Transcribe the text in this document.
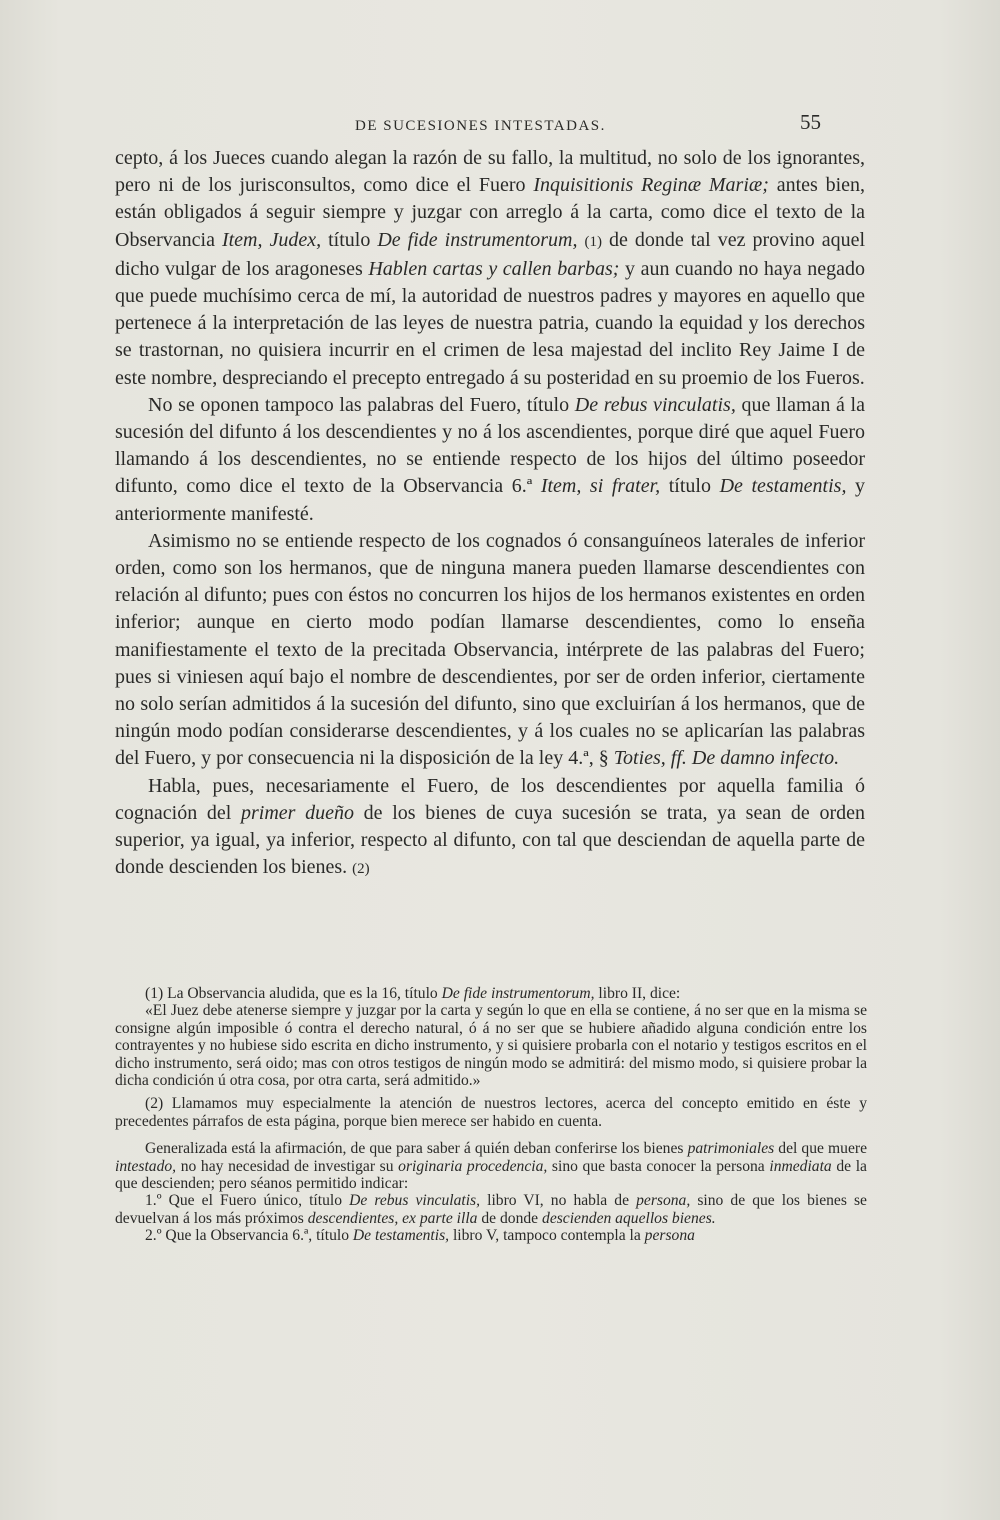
DE SUCESIONES INTESTADAS.	55

cepto, á los Jueces cuando alegan la razón de su fallo, la multitud, no solo de los ignorantes, pero ni de los jurisconsultos, como dice el Fuero Inquisitionis Reginæ Mariæ; antes bien, están obligados á seguir siempre y juzgar con arreglo á la carta, como dice el texto de la Observancia Item, Judex, título De fide instrumentorum, (1) de donde tal vez provino aquel dicho vulgar de los aragoneses Hablen cartas y callen barbas; y aun cuando no haya negado que puede muchísimo cerca de mí, la autoridad de nuestros padres y mayores en aquello que pertenece á la interpretación de las leyes de nuestra patria, cuando la equidad y los derechos se trastornan, no quisiera incurrir en el crimen de lesa majestad del inclito Rey Jaime I de este nombre, despreciando el precepto entregado á su posteridad en su proemio de los Fueros.

No se oponen tampoco las palabras del Fuero, título De rebus vinculatis, que llaman á la sucesión del difunto á los descendientes y no á los ascendientes, porque diré que aquel Fuero llamando á los descendientes, no se entiende respecto de los hijos del último poseedor difunto, como dice el texto de la Observancia 6.ª Item, si frater, título De testamentis, y anteriormente manifesté.

Asimismo no se entiende respecto de los cognados ó consanguíneos laterales de inferior orden, como son los hermanos, que de ninguna manera pueden llamarse descendientes con relación al difunto; pues con éstos no concurren los hijos de los hermanos existentes en orden inferior; aunque en cierto modo podían llamarse descendientes, como lo enseña manifiestamente el texto de la precitada Observancia, intérprete de las palabras del Fuero; pues si viniesen aquí bajo el nombre de descendientes, por ser de orden inferior, ciertamente no solo serían admitidos á la sucesión del difunto, sino que excluirían á los hermanos, que de ningún modo podían considerarse descendientes, y á los cuales no se aplicarían las palabras del Fuero, y por consecuencia ni la disposición de la ley 4.ª, § Toties, ff. De damno infecto.

Habla, pues, necesariamente el Fuero, de los descendientes por aquella familia ó cognación del primer dueño de los bienes de cuya sucesión se trata, ya sean de orden superior, ya igual, ya inferior, respecto al difunto, con tal que desciendan de aquella parte de donde descienden los bienes. (2)

(1) La Observancia aludida, que es la 16, título De fide instrumentorum, libro II, dice:

«El Juez debe atenerse siempre y juzgar por la carta y según lo que en ella se contiene, á no ser que en la misma se consigne algún imposible ó contra el derecho natural, ó á no ser que se hubiere añadido alguna condición entre los contrayentes y no hubiese sido escrita en dicho instrumento, y si quisiere probarla con el notario y testigos escritos en el dicho instrumento, será oido; mas con otros testigos de ningún modo se admitirá: del mismo modo, si quisiere probar la dicha condición ú otra cosa, por otra carta, será admitido.»

(2) Llamamos muy especialmente la atención de nuestros lectores, acerca del concepto emitido en éste y precedentes párrafos de esta página, porque bien merece ser habido en cuenta.

Generalizada está la afirmación, de que para saber á quién deban conferirse los bienes patrimoniales del que muere intestado, no hay necesidad de investigar su originaria procedencia, sino que basta conocer la persona inmediata de la que descienden; pero séanos permitido indicar:

1.º Que el Fuero único, título De rebus vinculatis, libro VI, no habla de persona, sino de que los bienes se devuelvan á los más próximos descendientes, ex parte illa de donde descienden aquellos bienes.

2.º Que la Observancia 6.ª, título De testamentis, libro V, tampoco contempla la persona
